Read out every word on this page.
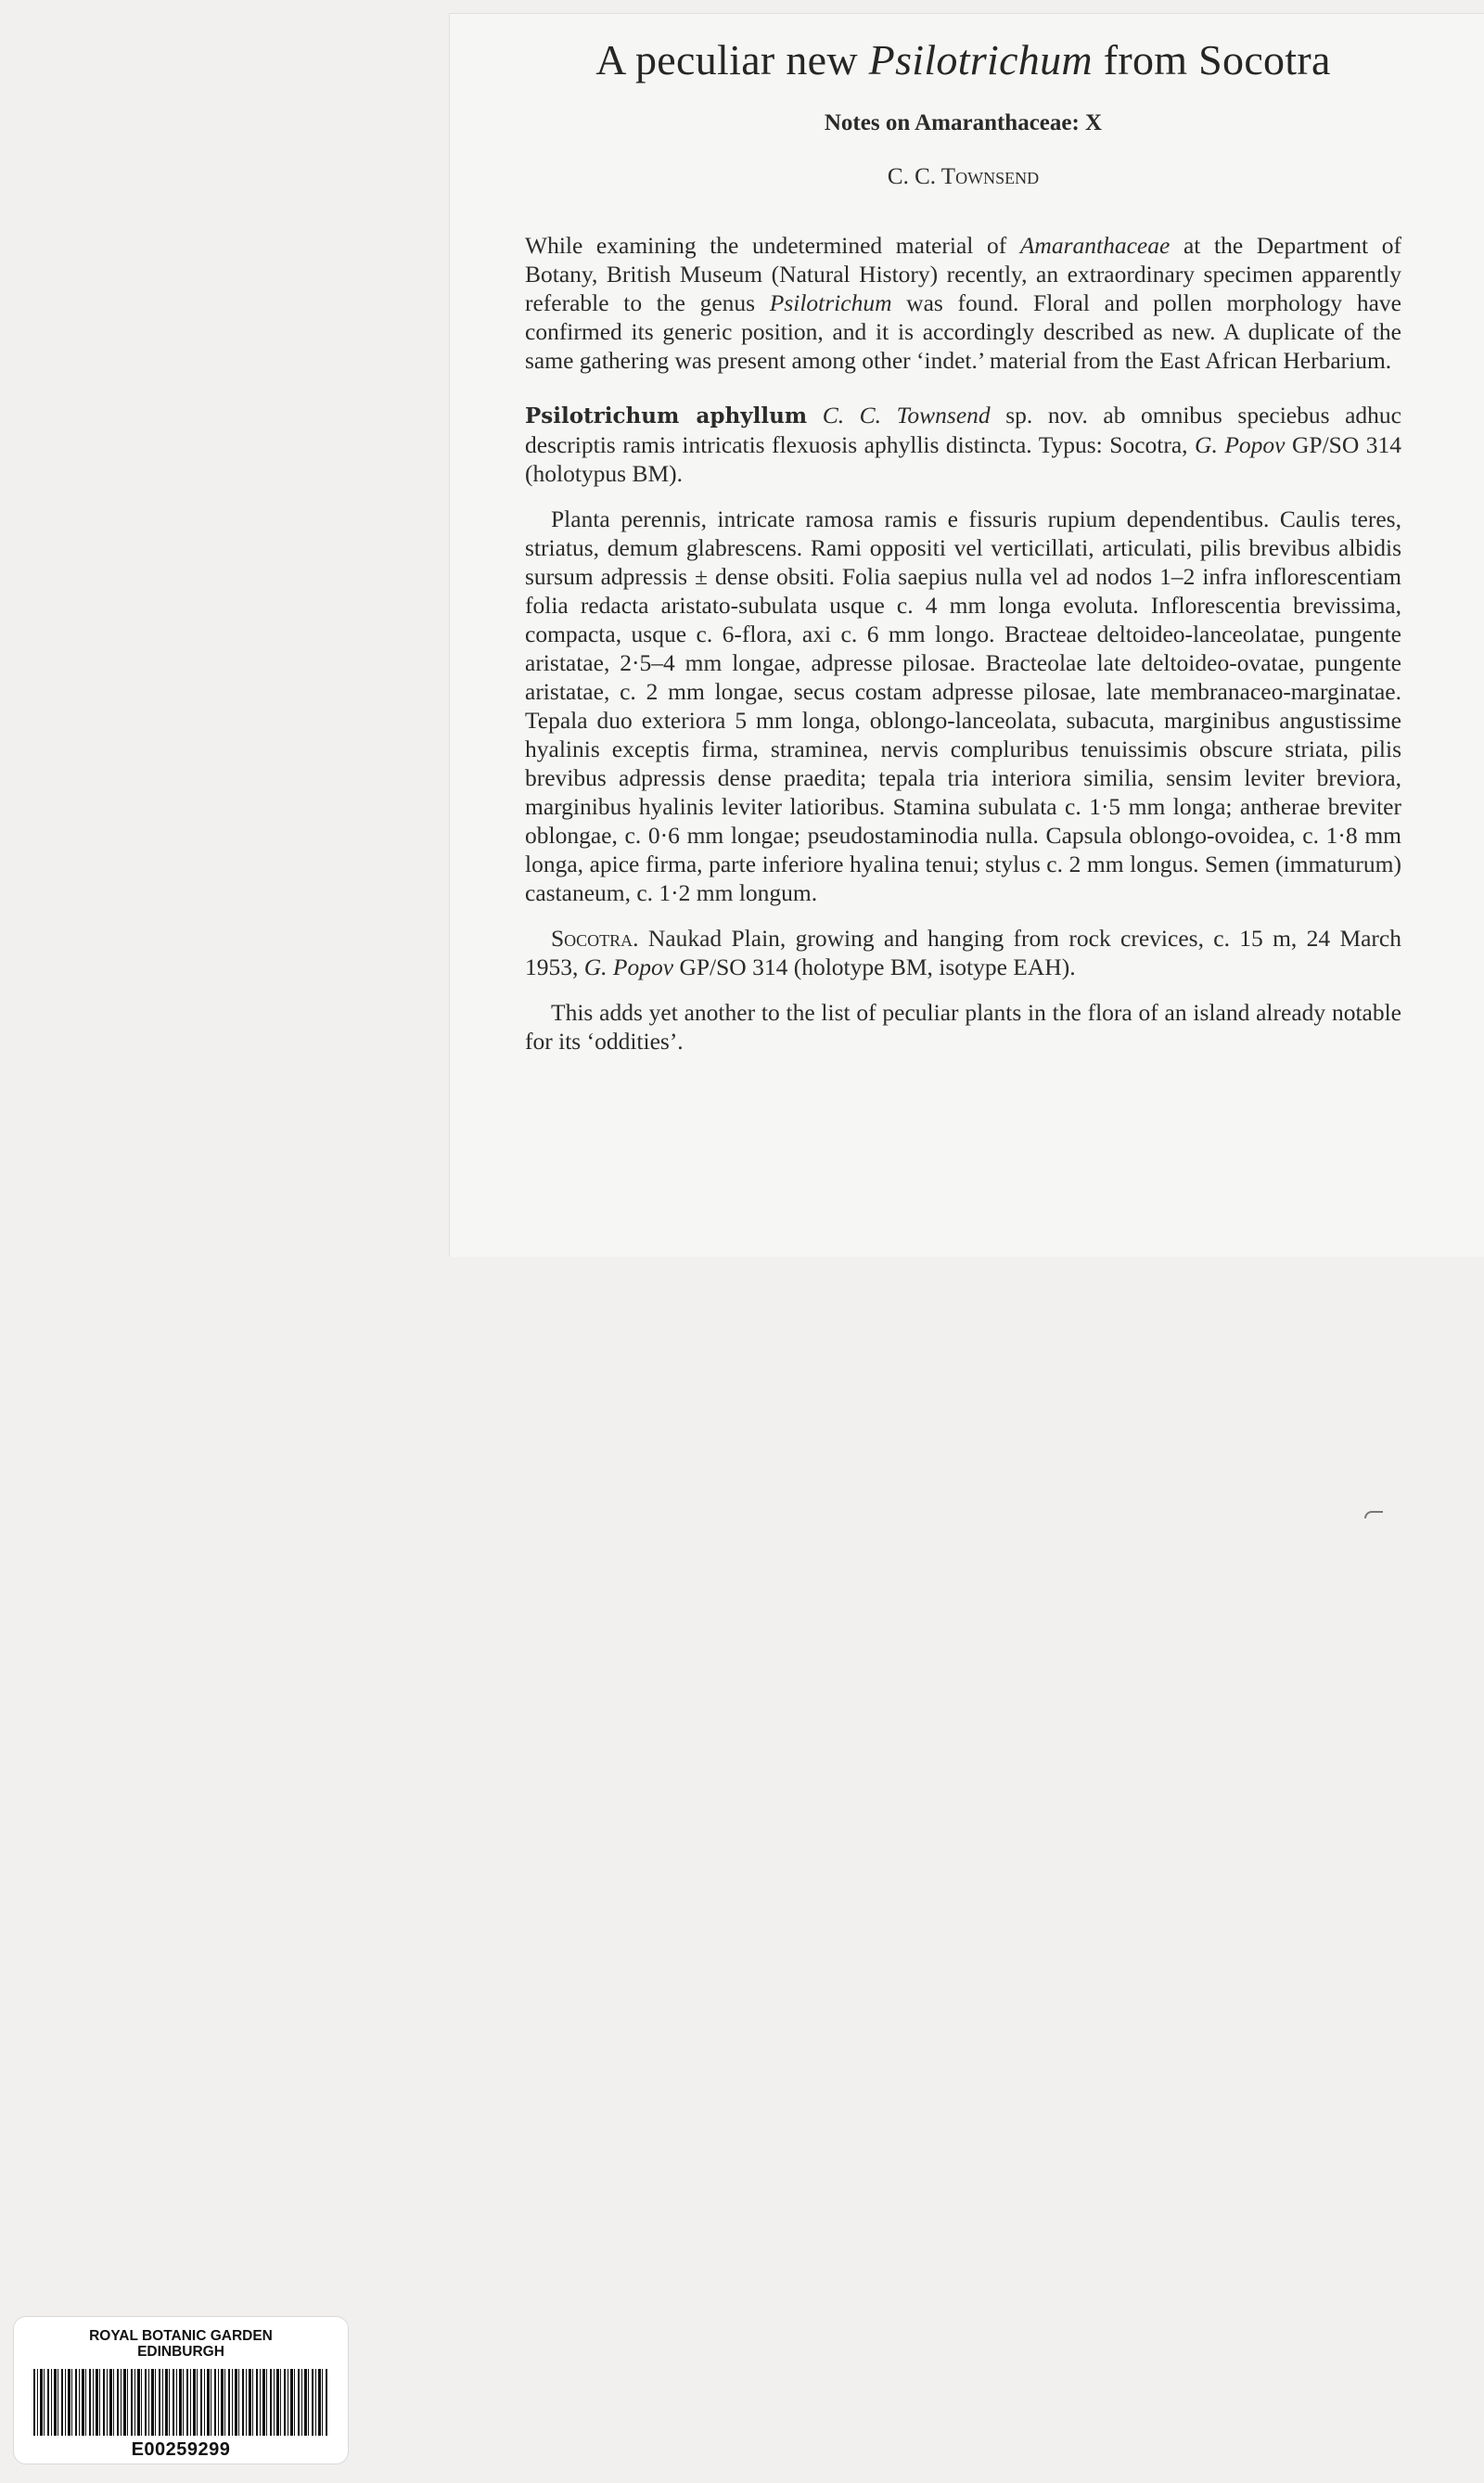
A peculiar new Psilotrichum from Socotra
Notes on Amaranthaceae: X
C. C. Townsend

While examining the undetermined material of Amaranthaceae at the Department of Botany, British Museum (Natural History) recently, an extraordinary specimen apparently referable to the genus Psilotrichum was found. Floral and pollen morphology have confirmed its generic position, and it is accordingly described as new. A duplicate of the same gathering was present among other ‘indet.’ material from the East African Herbarium.

Psilotrichum aphyllum C. C. Townsend sp. nov. ab omnibus speciebus adhuc descriptis ramis intricatis flexuosis aphyllis distincta. Typus: Socotra, G. Popov GP/SO 314 (holotypus BM).

Planta perennis, intricate ramosa ramis e fissuris rupium dependentibus. Caulis teres, striatus, demum glabrescens. Rami oppositi vel verticillati, articulati, pilis brevibus albidis sursum adpressis ± dense obsiti. Folia saepius nulla vel ad nodos 1–2 infra inflorescentiam folia redacta aristato-subulata usque c. 4 mm longa evoluta. Inflorescentia brevissima, compacta, usque c. 6-flora, axi c. 6 mm longo. Bracteae deltoideo-lanceolatae, pungente aristatae, 2·5–4 mm longae, adpresse pilosae. Bracteolae late deltoideo-ovatae, pungente aristatae, c. 2 mm longae, secus costam adpresse pilosae, late membranaceo-marginatae. Tepala duo exteriora 5 mm longa, oblongo-lanceolata, subacuta, marginibus angustissime hyalinis exceptis firma, straminea, nervis compluribus tenuissimis obscure striata, pilis brevibus adpressis dense praedita; tepala tria interiora similia, sensim leviter breviora, marginibus hyalinis leviter latioribus. Stamina subulata c. 1·5 mm longa; antherae breviter oblongae, c. 0·6 mm longae; pseudostaminodia nulla. Capsula oblongo-ovoidea, c. 1·8 mm longa, apice firma, parte inferiore hyalina tenui; stylus c. 2 mm longus. Semen (immaturum) castaneum, c. 1·2 mm longum.

Socotra. Naukad Plain, growing and hanging from rock crevices, c. 15 m, 24 March 1953, G. Popov GP/SO 314 (holotype BM, isotype EAH).

This adds yet another to the list of peculiar plants in the flora of an island already notable for its ‘oddities’.

ROYAL BOTANIC GARDEN
EDINBURGH
E00259299
